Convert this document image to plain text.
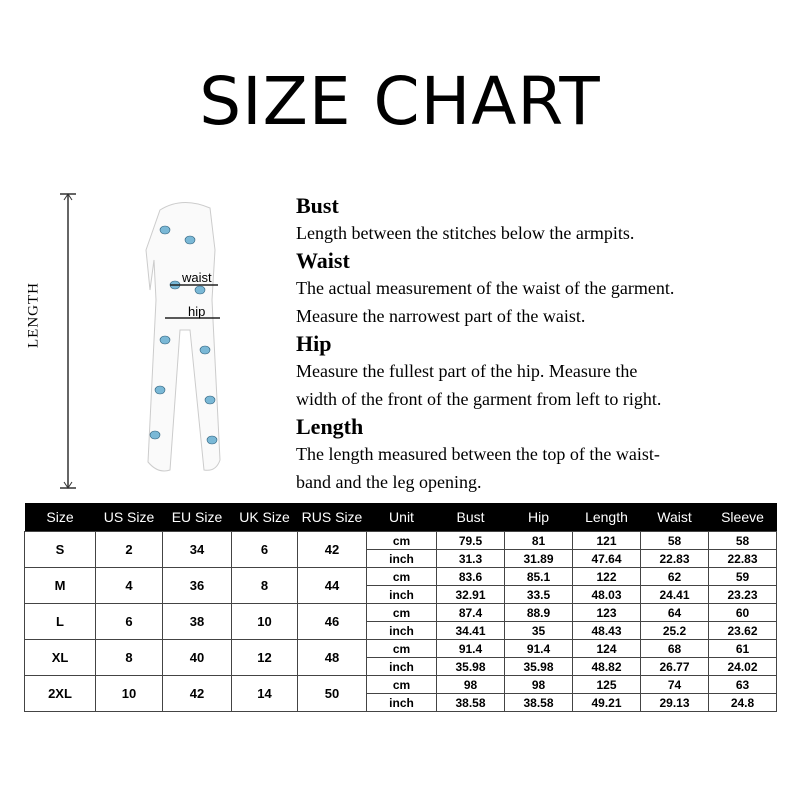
SIZE CHART
LENGTH
waist
hip
Bust

Length between the stitches below the armpits.

Waist

The actual measurement of the waist of the garment.

Measure the narrowest part of the waist.

Hip

Measure the fullest part of the hip. Measure the

width of the front of the garment from left to right.

Length

The length measured between the top of the waist-

band and the leg opening.

Size	US Size	EU Size	UK Size	RUS Size	Unit	Bust	Hip	Length	Waist	Sleeve
S	2	34	6	42	cm	79.5	81	121	58	58
					inch	31.3	31.89	47.64	22.83	22.83
M	4	36	8	44	cm	83.6	85.1	122	62	59
					inch	32.91	33.5	48.03	24.41	23.23
L	6	38	10	46	cm	87.4	88.9	123	64	60
					inch	34.41	35	48.43	25.2	23.62
XL	8	40	12	48	cm	91.4	91.4	124	68	61
					inch	35.98	35.98	48.82	26.77	24.02
2XL	10	42	14	50	cm	98	98	125	74	63
					inch	38.58	38.58	49.21	29.13	24.8
